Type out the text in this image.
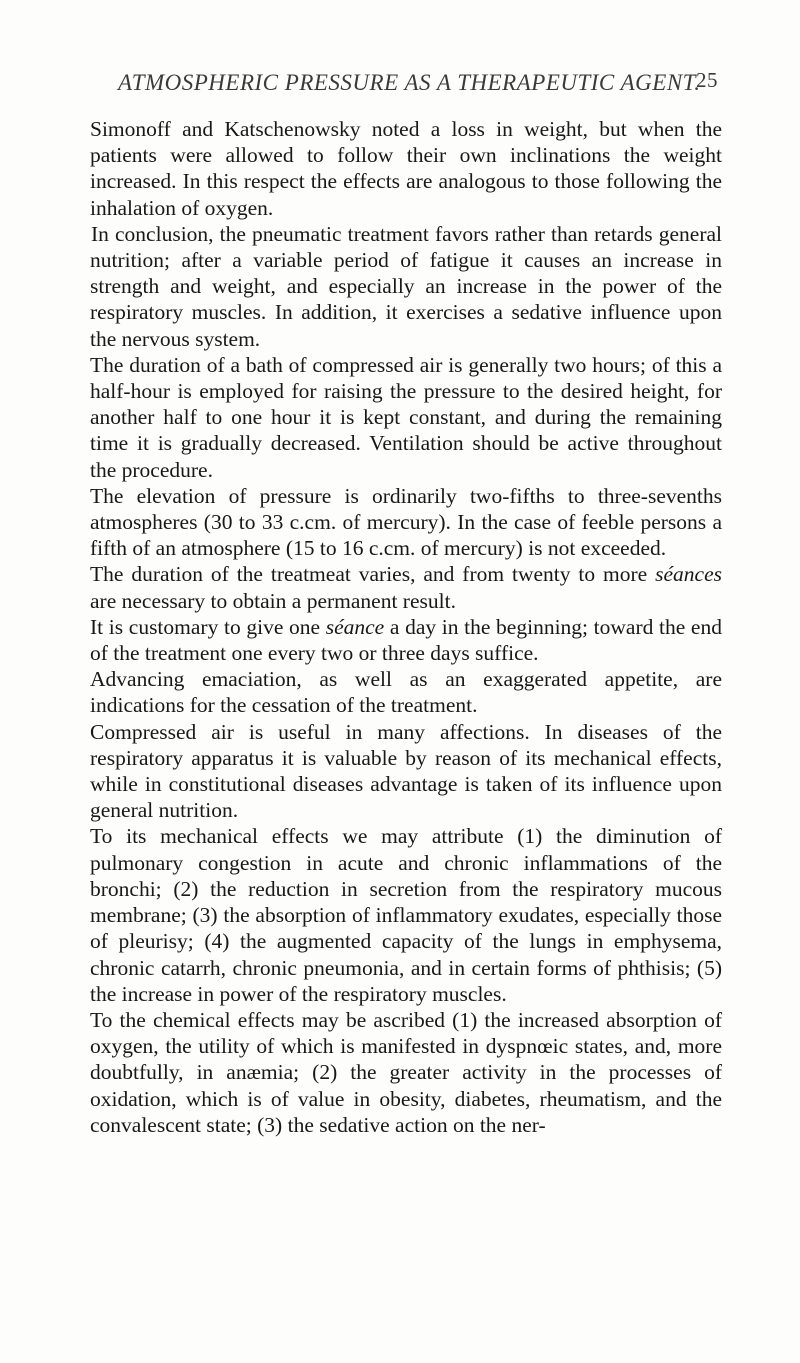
ATMOSPHERIC PRESSURE AS A THERAPEUTIC AGENT.
25

Simonoff and Katschenowsky noted a loss in weight, but when the patients were allowed to follow their own inclinations the weight increased. In this respect the effects are analogous to those following the inhalation of oxygen.

In conclusion, the pneumatic treatment favors rather than retards general nutrition; after a variable period of fatigue it causes an increase in strength and weight, and especially an increase in the power of the respiratory muscles. In addition, it exercises a sedative influence upon the nervous system.

The duration of a bath of compressed air is generally two hours; of this a half-hour is employed for raising the pressure to the desired height, for another half to one hour it is kept constant, and during the remaining time it is gradually decreased. Ventilation should be active throughout the procedure.

The elevation of pressure is ordinarily two-fifths to three-sevenths atmospheres (30 to 33 c.cm. of mercury). In the case of feeble persons a fifth of an atmosphere (15 to 16 c.cm. of mercury) is not exceeded.

The duration of the treatmeat varies, and from twenty to more séances are necessary to obtain a permanent result.

It is customary to give one séance a day in the beginning; toward the end of the treatment one every two or three days suffice.

Advancing emaciation, as well as an exaggerated appetite, are indications for the cessation of the treatment.

Compressed air is useful in many affections. In diseases of the respiratory apparatus it is valuable by reason of its mechanical effects, while in constitutional diseases advantage is taken of its influence upon general nutrition.

To its mechanical effects we may attribute (1) the diminution of pulmonary congestion in acute and chronic inflammations of the bronchi; (2) the reduction in secretion from the respiratory mucous membrane; (3) the absorption of inflammatory exudates, especially those of pleurisy; (4) the augmented capacity of the lungs in emphysema, chronic catarrh, chronic pneumonia, and in certain forms of phthisis; (5) the increase in power of the respiratory muscles.

To the chemical effects may be ascribed (1) the increased absorption of oxygen, the utility of which is manifested in dyspnœic states, and, more doubtfully, in anæmia; (2) the greater activity in the processes of oxidation, which is of value in obesity, diabetes, rheumatism, and the convalescent state; (3) the sedative action on the ner-
